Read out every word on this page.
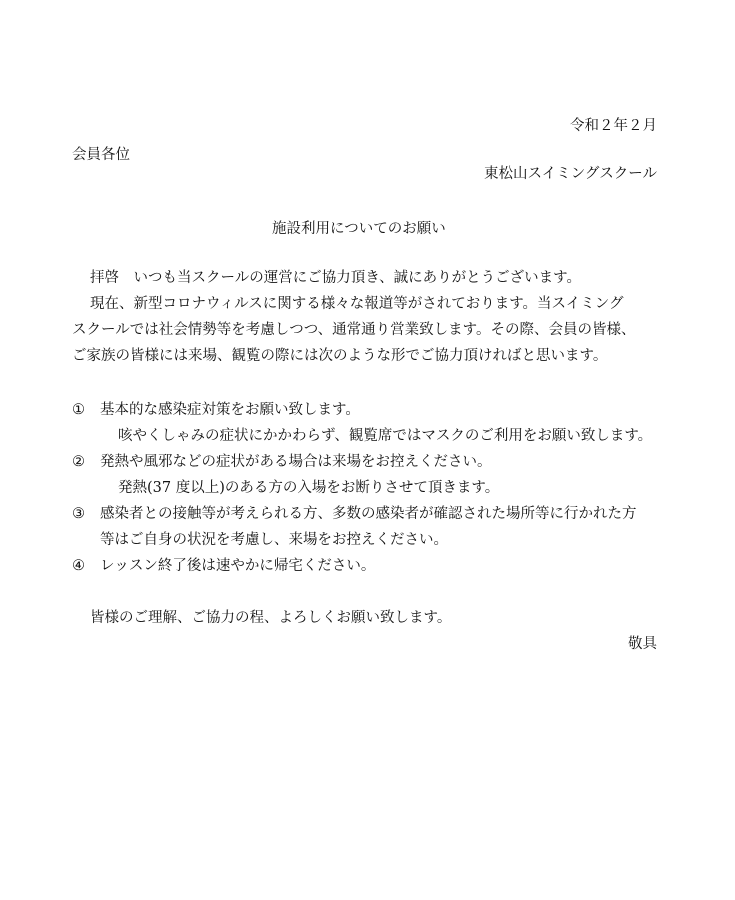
令和２年２月
会員各位
東松山スイミングスクール
施設利用についてのお願い
拝啓　いつも当スクールの運営にご協力頂き、誠にありがとうございます。
現在、新型コロナウィルスに関する様々な報道等がされております。当スイミング
スクールでは社会情勢等を考慮しつつ、通常通り営業致します。その際、会員の皆様、
ご家族の皆様には来場、観覧の際には次のような形でご協力頂ければと思います。
① 基本的な感染症対策をお願い致します。
咳やくしゃみの症状にかかわらず、観覧席ではマスクのご利用をお願い致します。
② 発熱や風邪などの症状がある場合は来場をお控えください。
発熱(37 度以上)のある方の入場をお断りさせて頂きます。
③ 感染者との接触等が考えられる方、多数の感染者が確認された場所等に行かれた方
等はご自身の状況を考慮し、来場をお控えください。
④ レッスン終了後は速やかに帰宅ください。
皆様のご理解、ご協力の程、よろしくお願い致します。
敬具
